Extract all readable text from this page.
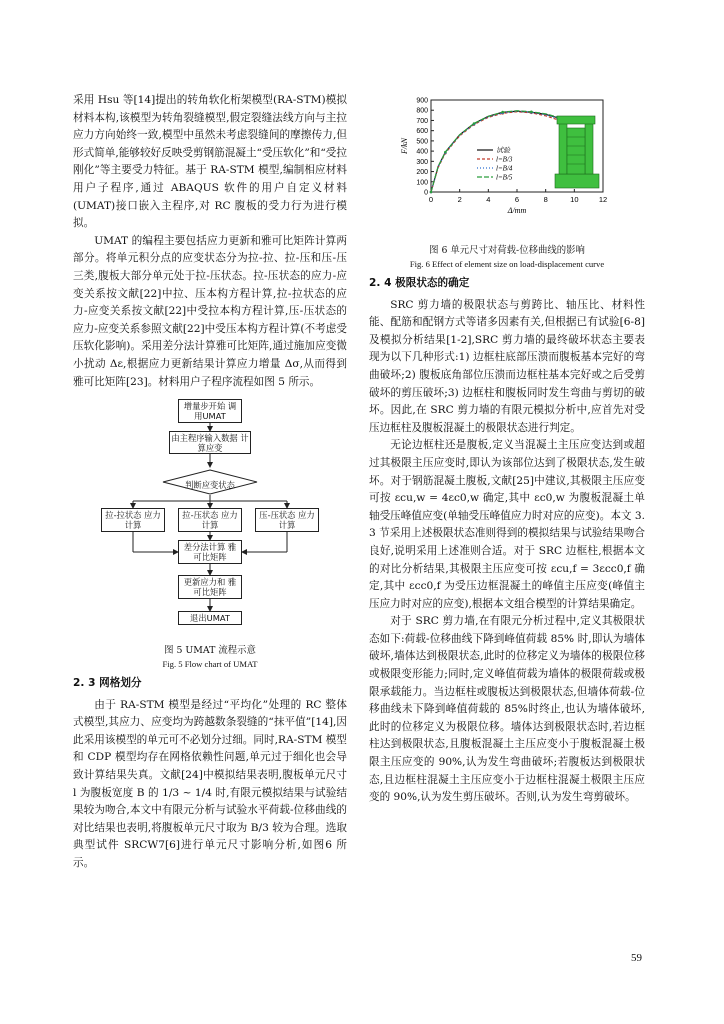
采用 Hsu 等[14]提出的转角软化桁架模型(RA-STM)模拟材料本构,该模型为转角裂缝模型,假定裂缝法线方向与主拉应力方向始终一致,模型中虽然未考虑裂缝间的摩擦传力,但形式简单,能够较好反映受剪钢筋混凝土“受压软化”和“受拉刚化”等主要受力特征。基于 RA-STM 模型,编制相应材料用户子程序,通过 ABAQUS 软件的用户自定义材料(UMAT)接口嵌入主程序,对 RC 腹板的受力行为进行模拟。

UMAT 的编程主要包括应力更新和雅可比矩阵计算两部分。将单元积分点的应变状态分为拉-拉、拉-压和压-压三类,腹板大部分单元处于拉-压状态。拉-压状态的应力-应变关系按文献[22]中拉、压本构方程计算,拉-拉状态的应力-应变关系按文献[22]中受拉本构方程计算,压-压状态的应力-应变关系参照文献[22]中受压本构方程计算(不考虑受压软化影响)。采用差分法计算雅可比矩阵,通过施加应变微小扰动 Δε,根据应力更新结果计算应力增量 Δσ,从而得到雅可比矩阵[23]。材料用户子程序流程如图 5 所示。

增量步开始 调用UMAT
由主程序输入数据 计算应变
判断应变状态
拉-拉状态 应力计算
拉-压状态 应力计算
压-压状态 应力计算
差分法计算 雅可比矩阵
更新应力和 雅可比矩阵
退出UMAT

图 5 UMAT 流程示意

Fig. 5 Flow chart of UMAT

2. 3 网格划分

由于 RA-STM 模型是经过“平均化”处理的 RC 整体式模型,其应力、应变均为跨越数条裂缝的“抹平值”[14],因此采用该模型的单元可不必划分过细。同时,RA-STM 模型和 CDP 模型均存在网格依赖性问题,单元过于细化也会导致计算结果失真。文献[24]中模拟结果表明,腹板单元尺寸 l 为腹板宽度 B 的 1/3 ~ 1/4 时,有限元模拟结果与试验结果较为吻合,本文中有限元分析与试验水平荷载-位移曲线的对比结果也表明,将腹板单元尺寸取为 B/3 较为合理。选取典型试件 SRCW7[6]进行单元尺寸影响分析,如图6 所示。

0	2	4	6	8	10	12
0
100
200
300
400
500
600
700
800
900
Δ/mm
F/kN	试验
l=B/3
l=B/4
l=B/5

图 6 单元尺寸对荷载-位移曲线的影响

Fig. 6 Effect of element size on load-displacement curve

2. 4 极限状态的确定

SRC 剪力墙的极限状态与剪跨比、轴压比、材料性能、配筋和配钢方式等诸多因素有关,但根据已有试验[6-8]及模拟分析结果[1-2],SRC 剪力墙的最终破坏状态主要表现为以下几种形式:1) 边框柱底部压溃而腹板基本完好的弯曲破坏;2) 腹板底角部位压溃而边框柱基本完好或之后受剪破坏的剪压破坏;3) 边框柱和腹板同时发生弯曲与剪切的破坏。因此,在 SRC 剪力墙的有限元模拟分析中,应首先对受压边框柱及腹板混凝土的极限状态进行判定。

无论边框柱还是腹板,定义当混凝土主压应变达到或超过其极限主压应变时,即认为该部位达到了极限状态,发生破坏。对于钢筋混凝土腹板,文献[25]中建议,其极限主压应变可按 εcu,w = 4εc0,w 确定,其中 εc0,w 为腹板混凝土单轴受压峰值应变(单轴受压峰值应力时对应的应变)。本文 3. 3 节采用上述极限状态准则得到的模拟结果与试验结果吻合良好,说明采用上述准则合适。对于 SRC 边框柱,根据本文的对比分析结果,其极限主压应变可按 εcu,f = 3εcc0,f 确定,其中 εcc0,f 为受压边框混凝土的峰值主压应变(峰值主压应力时对应的应变),根据本文组合模型的计算结果确定。

对于 SRC 剪力墙,在有限元分析过程中,定义其极限状态如下:荷载-位移曲线下降到峰值荷载 85% 时,即认为墙体破坏,墙体达到极限状态,此时的位移定义为墙体的极限位移或极限变形能力;同时,定义峰值荷载为墙体的极限荷载或极限承载能力。当边框柱或腹板达到极限状态,但墙体荷载-位移曲线未下降到峰值荷载的 85%时终止,也认为墙体破坏,此时的位移定义为极限位移。墙体达到极限状态时,若边框柱达到极限状态,且腹板混凝土主压应变小于腹板混凝土极限主压应变的 90%,认为发生弯曲破坏;若腹板达到极限状态,且边框柱混凝土主压应变小于边框柱混凝土极限主压应变的 90%,认为发生剪压破坏。否则,认为发生弯剪破坏。

59
